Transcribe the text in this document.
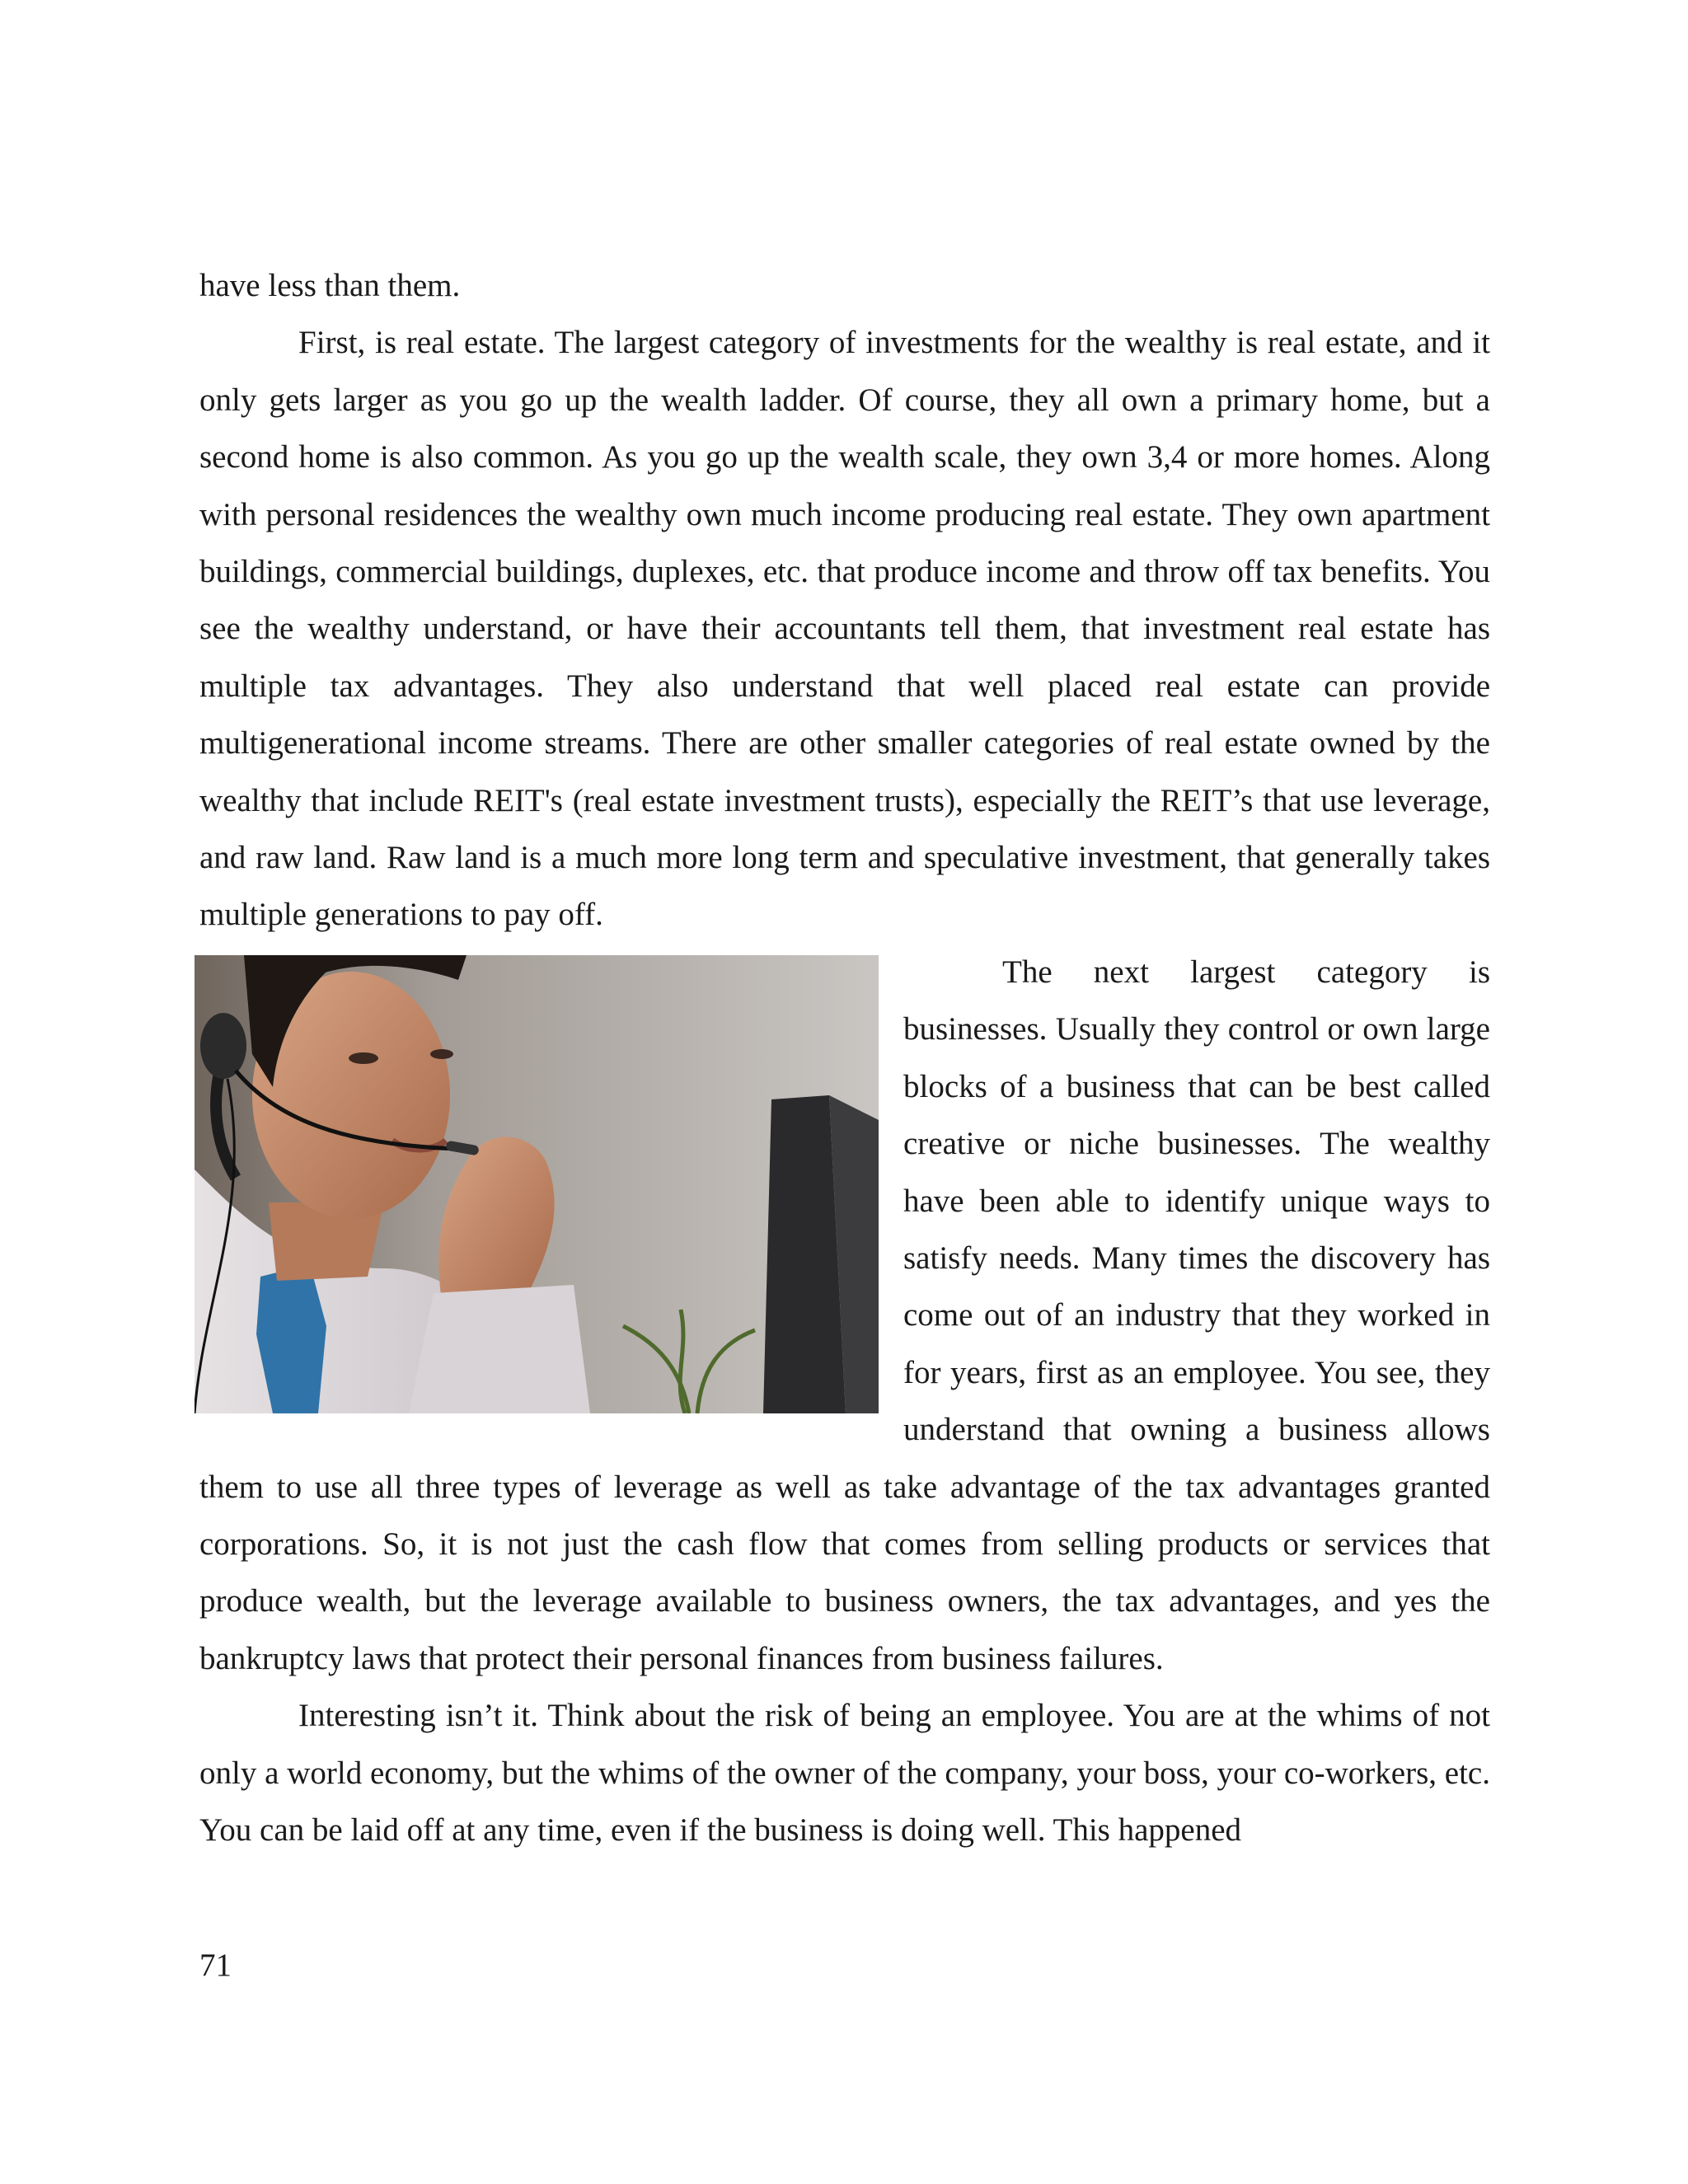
have less than them.

First, is real estate. The largest category of investments for the wealthy is real estate, and it only gets larger as you go up the wealth ladder. Of course, they all own a primary home, but a second home is also common. As you go up the wealth scale, they own 3,4 or more homes. Along with personal residences the wealthy own much income producing real estate. They own apartment buildings, commercial buildings, duplexes, etc. that produce income and throw off tax benefits. You see the wealthy understand, or have their accountants tell them, that investment real estate has multiple tax advantages. They also understand that well placed real estate can provide multigenerational income streams. There are other smaller categories of real estate owned by the wealthy that include REIT's (real estate investment trusts), especially the REIT’s that use leverage, and raw land. Raw land is a much more long term and speculative investment, that generally takes multiple generations to pay off.

The next largest category is businesses. Usually they control or own large blocks of a business that can be best called creative or niche businesses. The wealthy have been able to identify unique ways to satisfy needs. Many times the discovery has come out of an industry that they worked in for years, first as an employee. You see, they understand that owning a business allows them to use all three types of leverage as well as take advantage of the tax advantages granted corporations. So, it is not just the cash flow that comes from selling products or services that produce wealth, but the leverage available to business owners, the tax advantages, and yes the bankruptcy laws that protect their personal finances from business failures.

Interesting isn’t it. Think about the risk of being an employee. You are at the whims of not only a world economy, but the whims of the owner of the company, your boss, your co-workers, etc. You can be laid off at any time, even if the business is doing well. This happened

71
